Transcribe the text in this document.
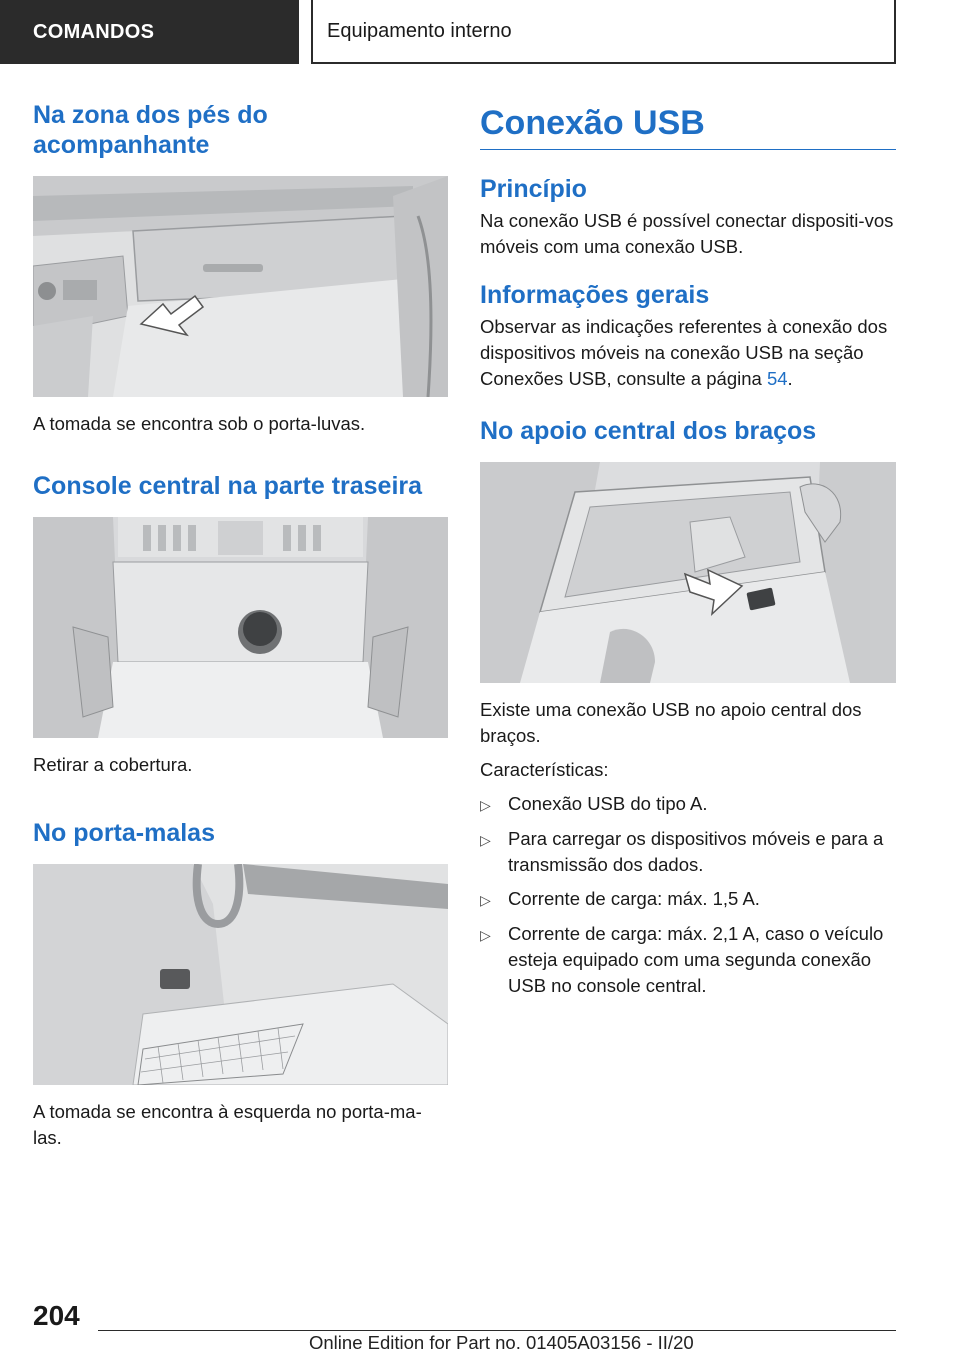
COMANDOS	Equipamento interno
Na zona dos pés do acompanhante

A tomada se encontra sob o porta-luvas.

Console central na parte traseira

Retirar a cobertura.

No porta-malas

A tomada se encontra à esquerda no porta-ma-las.

Conexão USB
Princípio

Na conexão USB é possível conectar dispositi-vos móveis com uma conexão USB.

Informações gerais

Observar as indicações referentes à conexão dos dispositivos móveis na conexão USB na seção Conexões USB, consulte a página 54.

No apoio central dos braços

Existe uma conexão USB no apoio central dos braços.

Características:

▷ Conexão USB do tipo A.
▷ Para carregar os dispositivos móveis e para a transmissão dos dados.
▷ Corrente de carga: máx. 1,5 A.
▷ Corrente de carga: máx. 2,1 A, caso o veículo esteja equipado com uma segunda conexão USB no console central.
204
Online Edition for Part no. 01405A03156 - II/20
